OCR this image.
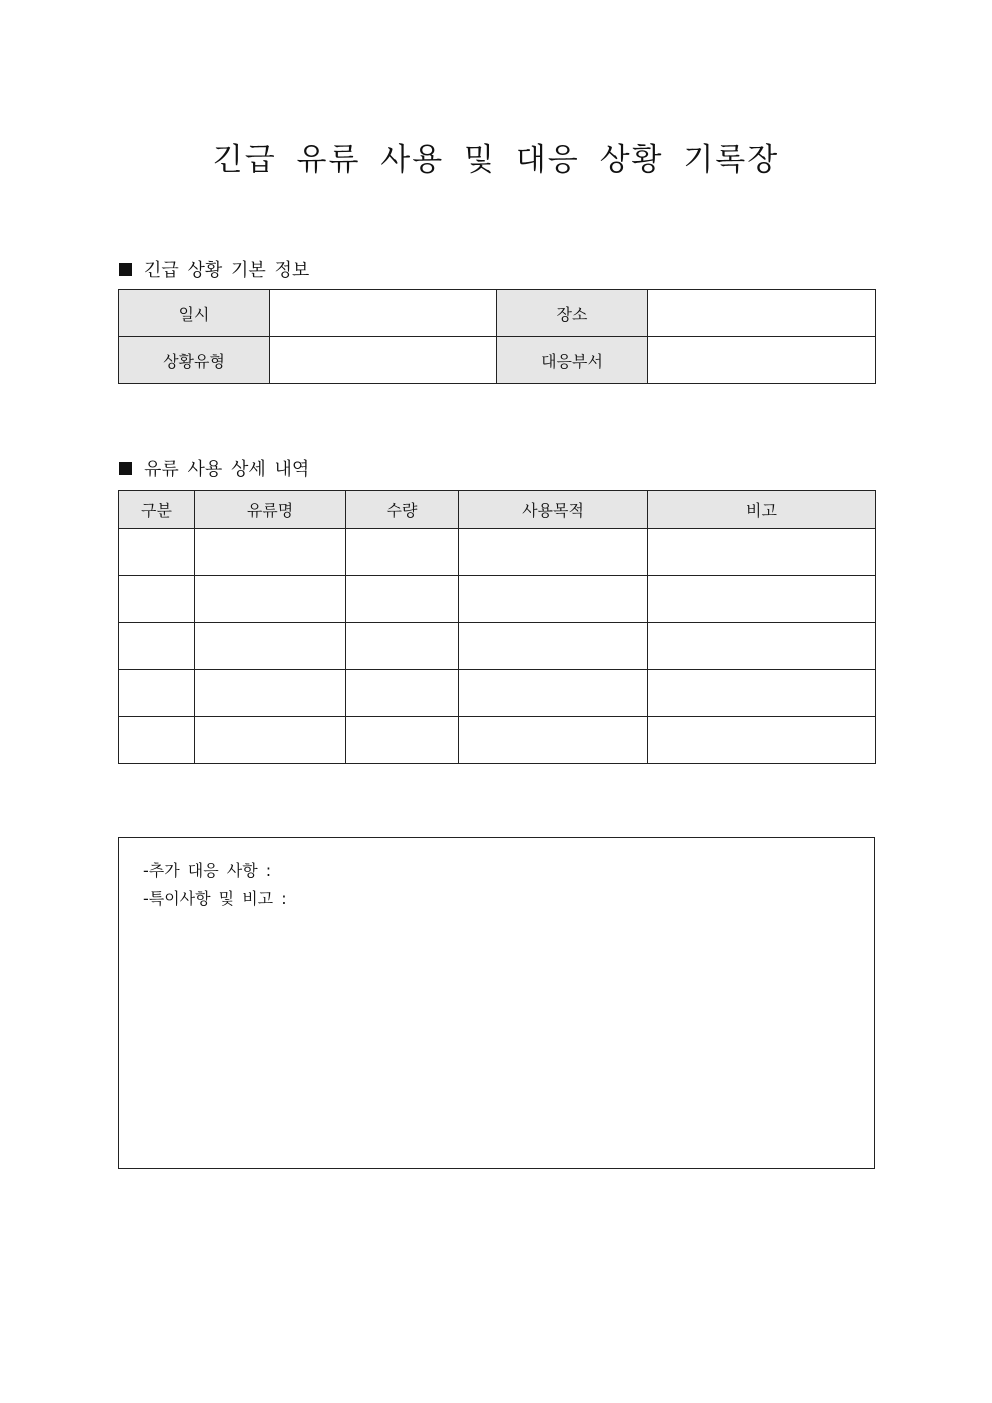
긴급 유류 사용 및 대응 상황 기록장
긴급 상황 기본 정보
일시		장소	
상황유형		대응부서	
유류 사용 상세 내역
구분	유류명	수량	사용목적	비고

-추가 대응 사항 :
-특이사항 및 비고 :
